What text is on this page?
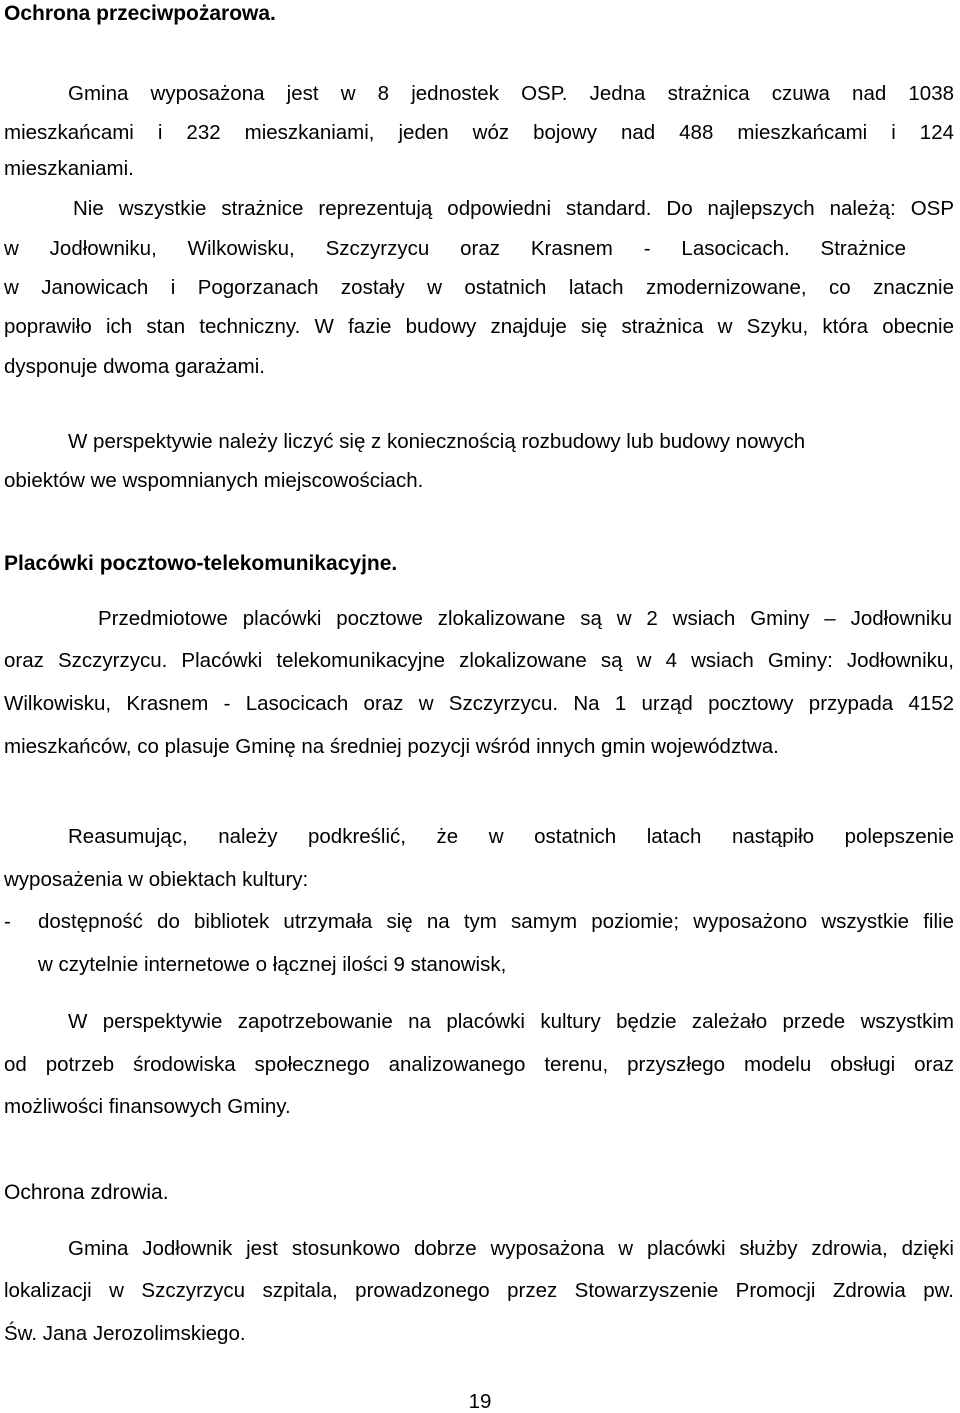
Ochrona przeciwpożarowa.
Gmina wyposażona jest w 8 jednostek OSP. Jedna strażnica czuwa nad 1038
mieszkańcami i 232 mieszkaniami, jeden wóz bojowy nad 488 mieszkańcami i 124
mieszkaniami.
Nie wszystkie strażnice reprezentują odpowiedni standard. Do najlepszych należą: OSP
w Jodłowniku, Wilkowisku, Szczyrzycu oraz Krasnem - Lasocicach. Strażnice
w Janowicach i Pogorzanach zostały w ostatnich latach zmodernizowane, co znacznie
poprawiło ich stan techniczny. W fazie budowy znajduje się strażnica w Szyku, która obecnie
dysponuje dwoma garażami.
W perspektywie należy liczyć się z koniecznością rozbudowy lub budowy nowych
obiektów we wspomnianych miejscowościach.
Placówki pocztowo-telekomunikacyjne.
Przedmiotowe placówki pocztowe zlokalizowane są w 2 wsiach Gminy – Jodłowniku
oraz Szczyrzycu. Placówki telekomunikacyjne zlokalizowane są w 4 wsiach Gminy: Jodłowniku,
Wilkowisku, Krasnem - Lasocicach oraz w Szczyrzycu. Na 1 urząd pocztowy przypada 4152
mieszkańców, co plasuje Gminę na średniej pozycji wśród innych gmin województwa.
Reasumując, należy podkreślić, że w ostatnich latach nastąpiło polepszenie
wyposażenia w obiektach kultury:
- dostępność do bibliotek utrzymała się na tym samym poziomie; wyposażono wszystkie filie
w czytelnie internetowe o łącznej ilości 9 stanowisk,
W perspektywie zapotrzebowanie na placówki kultury będzie zależało przede wszystkim
od potrzeb środowiska społecznego analizowanego terenu, przyszłego modelu obsługi oraz
możliwości finansowych Gminy.
Ochrona zdrowia.
Gmina Jodłownik jest stosunkowo dobrze wyposażona w placówki służby zdrowia, dzięki
lokalizacji w Szczyrzycu szpitala, prowadzonego przez Stowarzyszenie Promocji Zdrowia pw.
Św. Jana Jerozolimskiego.
19
